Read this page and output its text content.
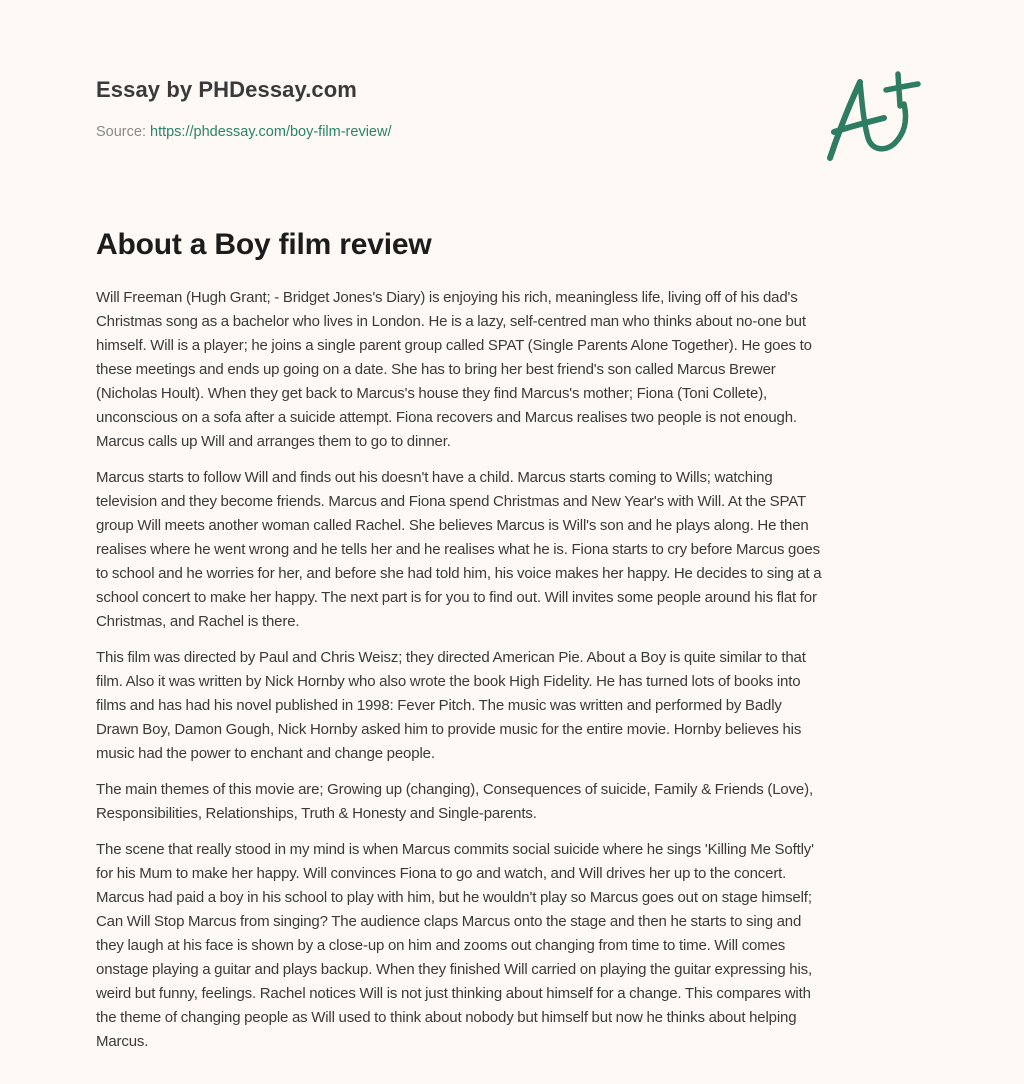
Essay by PHDessay.com
Source: https://phdessay.com/boy-film-review/
About a Boy film review

Will Freeman (Hugh Grant; - Bridget Jones's Diary) is enjoying his rich, meaningless life, living off of his dad's
Christmas song as a bachelor who lives in London. He is a lazy, self-centred man who thinks about no-one but
himself. Will is a player; he joins a single parent group called SPAT (Single Parents Alone Together). He goes to
these meetings and ends up going on a date. She has to bring her best friend's son called Marcus Brewer
(Nicholas Hoult). When they get back to Marcus's house they find Marcus's mother; Fiona (Toni Collete),
unconscious on a sofa after a suicide attempt. Fiona recovers and Marcus realises two people is not enough.
Marcus calls up Will and arranges them to go to dinner.

Marcus starts to follow Will and finds out his doesn't have a child. Marcus starts coming to Wills; watching
television and they become friends. Marcus and Fiona spend Christmas and New Year's with Will. At the SPAT
group Will meets another woman called Rachel. She believes Marcus is Will's son and he plays along. He then
realises where he went wrong and he tells her and he realises what he is. Fiona starts to cry before Marcus goes
to school and he worries for her, and before she had told him, his voice makes her happy. He decides to sing at a
school concert to make her happy. The next part is for you to find out. Will invites some people around his flat for
Christmas, and Rachel is there.

This film was directed by Paul and Chris Weisz; they directed American Pie. About a Boy is quite similar to that
film. Also it was written by Nick Hornby who also wrote the book High Fidelity. He has turned lots of books into
films and has had his novel published in 1998: Fever Pitch. The music was written and performed by Badly
Drawn Boy, Damon Gough, Nick Hornby asked him to provide music for the entire movie. Hornby believes his
music had the power to enchant and change people.

The main themes of this movie are; Growing up (changing), Consequences of suicide, Family & Friends (Love),
Responsibilities, Relationships, Truth & Honesty and Single-parents.

The scene that really stood in my mind is when Marcus commits social suicide where he sings 'Killing Me Softly'
for his Mum to make her happy. Will convinces Fiona to go and watch, and Will drives her up to the concert.
Marcus had paid a boy in his school to play with him, but he wouldn't play so Marcus goes out on stage himself;
Can Will Stop Marcus from singing? The audience claps Marcus onto the stage and then he starts to sing and
they laugh at his face is shown by a close-up on him and zooms out changing from time to time. Will comes
onstage playing a guitar and plays backup. When they finished Will carried on playing the guitar expressing his,
weird but funny, feelings. Rachel notices Will is not just thinking about himself for a change. This compares with
the theme of changing people as Will used to think about nobody but himself but now he thinks about helping
Marcus.
